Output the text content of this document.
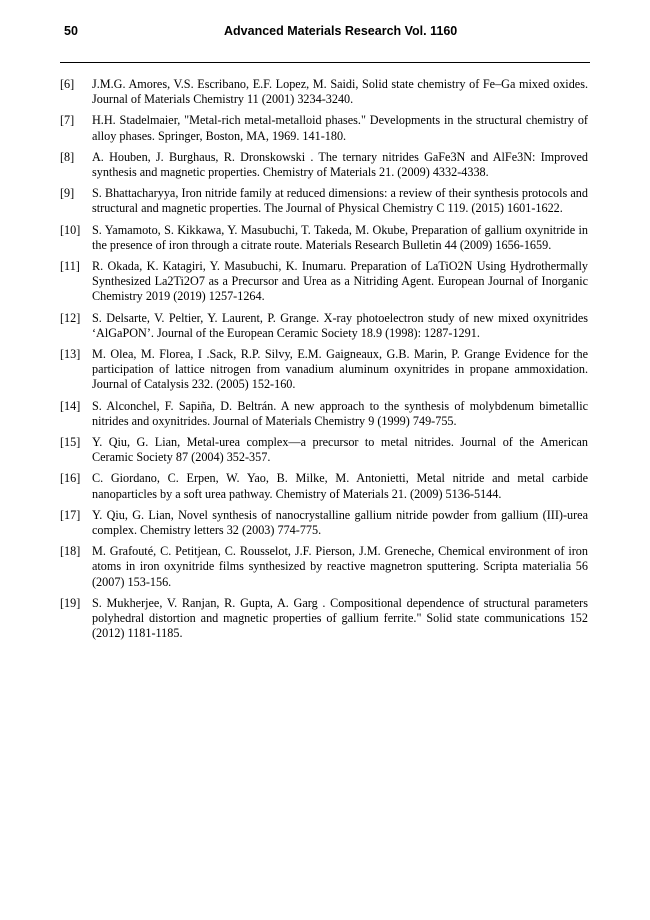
50	Advanced Materials Research Vol. 1160
[6]	J.M.G. Amores, V.S. Escribano, E.F. Lopez, M. Saidi, Solid state chemistry of Fe–Ga mixed oxides. Journal of Materials Chemistry 11 (2001) 3234-3240.
[7]	H.H. Stadelmaier, "Metal-rich metal-metalloid phases." Developments in the structural chemistry of alloy phases. Springer, Boston, MA, 1969. 141-180.
[8]	A. Houben, J. Burghaus, R. Dronskowski . The ternary nitrides GaFe3N and AlFe3N: Improved synthesis and magnetic properties. Chemistry of Materials 21. (2009) 4332-4338.
[9]	S. Bhattacharyya, Iron nitride family at reduced dimensions: a review of their synthesis protocols and structural and magnetic properties. The Journal of Physical Chemistry C 119. (2015) 1601-1622.
[10] S. Yamamoto, S. Kikkawa, Y. Masubuchi, T. Takeda, M. Okube, Preparation of gallium oxynitride in the presence of iron through a citrate route. Materials Research Bulletin 44 (2009) 1656-1659.
[11] R. Okada, K. Katagiri, Y. Masubuchi, K. Inumaru. Preparation of LaTiO2N Using Hydrothermally Synthesized La2Ti2O7 as a Precursor and Urea as a Nitriding Agent. European Journal of Inorganic Chemistry 2019 (2019) 1257-1264.
[12] S. Delsarte, V. Peltier, Y. Laurent, P. Grange. X-ray photoelectron study of new mixed oxynitrides ‘AlGaPON’. Journal of the European Ceramic Society 18.9 (1998): 1287-1291.
[13] M. Olea, M. Florea, I .Sack, R.P. Silvy, E.M. Gaigneaux, G.B. Marin, P. Grange Evidence for the participation of lattice nitrogen from vanadium aluminum oxynitrides in propane ammoxidation. Journal of Catalysis 232. (2005) 152-160.
[14] S. Alconchel, F. Sapiña, D. Beltrán. A new approach to the synthesis of molybdenum bimetallic nitrides and oxynitrides. Journal of Materials Chemistry 9 (1999) 749-755.
[15] Y. Qiu, G. Lian, Metal-urea complex—a precursor to metal nitrides. Journal of the American Ceramic Society 87 (2004) 352-357.
[16] C. Giordano, C. Erpen, W. Yao, B. Milke, M. Antonietti, Metal nitride and metal carbide nanoparticles by a soft urea pathway. Chemistry of Materials 21. (2009) 5136-5144.
[17] Y. Qiu, G. Lian, Novel synthesis of nanocrystalline gallium nitride powder from gallium (III)-urea complex. Chemistry letters 32 (2003) 774-775.
[18] M. Grafouté, C. Petitjean, C. Rousselot, J.F. Pierson, J.M. Greneche, Chemical environment of iron atoms in iron oxynitride films synthesized by reactive magnetron sputtering. Scripta materialia 56 (2007) 153-156.
[19] S. Mukherjee, V. Ranjan, R. Gupta, A. Garg . Compositional dependence of structural parameters polyhedral distortion and magnetic properties of gallium ferrite." Solid state communications 152 (2012) 1181-1185.
